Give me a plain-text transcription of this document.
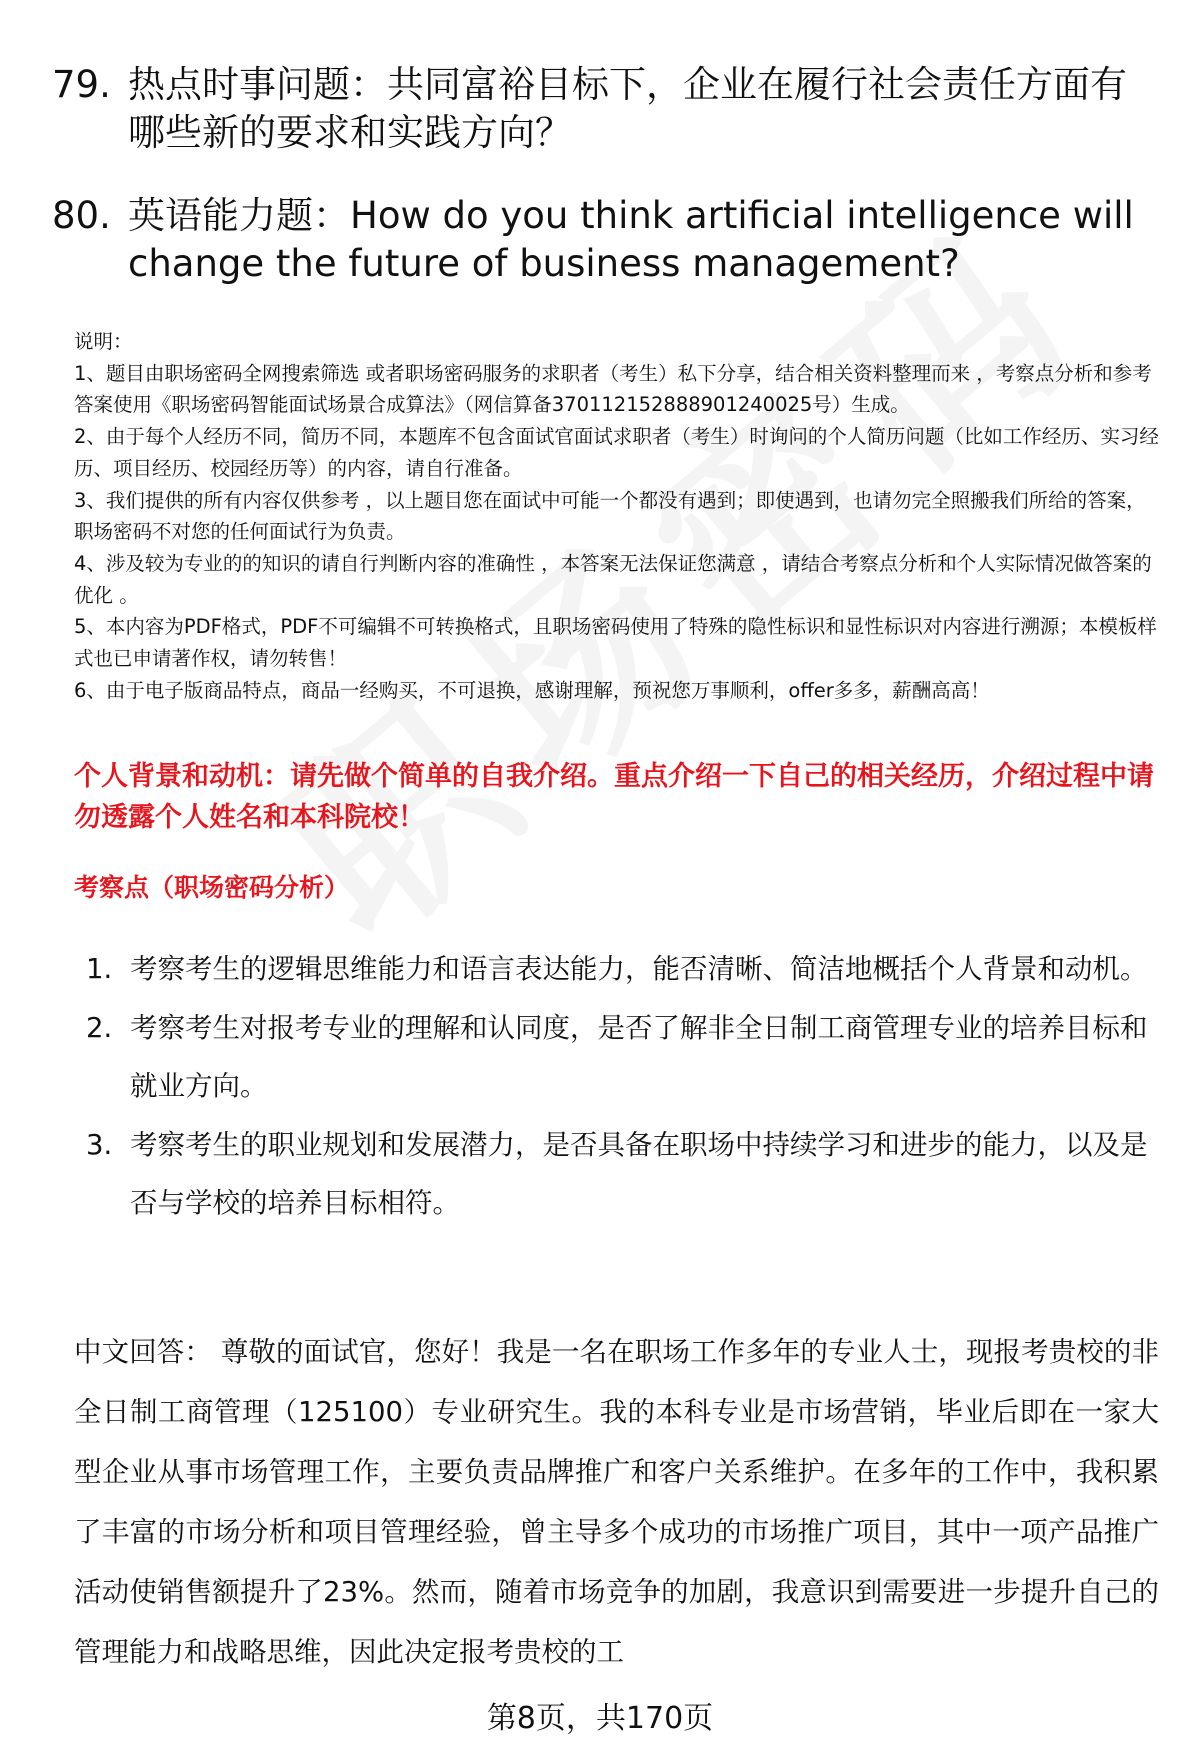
79. 热点时事问题：共同富裕目标下，企业在履行社会责任方面有哪些新的要求和实践方向？
80. 英语能力题：How do you think artificial intelligence will change the future of business management?

说明：

1、题目由职场密码全网搜索筛选 或者职场密码服务的求职者（考生）私下分享，结合相关资料整理而来 ，考察点分析和参考答案使用《职场密码智能面试场景合成算法》（网信算备370112152888901240025号）生成。

2、由于每个人经历不同，简历不同，本题库不包含面试官面试求职者（考生）时询问的个人简历问题（比如工作经历、实习经历、项目经历、校园经历等）的内容，请自行准备。

3、我们提供的所有内容仅供参考 ，以上题目您在面试中可能一个都没有遇到；即使遇到，也请勿完全照搬我们所给的答案，职场密码不对您的任何面试行为负责。

4、涉及较为专业的的知识的请自行判断内容的准确性 ，本答案无法保证您满意 ，请结合考察点分析和个人实际情况做答案的优化 。

5、本内容为PDF格式，PDF不可编辑不可转换格式，且职场密码使用了特殊的隐性标识和显性标识对内容进行溯源；本模板样式也已申请著作权，请勿转售！

6、由于电子版商品特点，商品一经购买，不可退换，感谢理解，预祝您万事顺利，offer多多，薪酬高高！

个人背景和动机：请先做个简单的自我介绍。重点介绍一下自己的相关经历，介绍过程中请勿透露个人姓名和本科院校！
考察点（职场密码分析）

1. 考察考生的逻辑思维能力和语言表达能力，能否清晰、简洁地概括个人背景和动机。

2. 考察考生对报考专业的理解和认同度，是否了解非全日制工商管理专业的培养目标和就业方向。

3. 考察考生的职业规划和发展潜力，是否具备在职场中持续学习和进步的能力，以及是否与学校的培养目标相符。

中文回答： 尊敬的面试官，您好！我是一名在职场工作多年的专业人士，现报考贵校的非全日制工商管理（125100）专业研究生。我的本科专业是市场营销，毕业后即在一家大型企业从事市场管理工作，主要负责品牌推广和客户关系维护。在多年的工作中，我积累了丰富的市场分析和项目管理经验，曾主导多个成功的市场推广项目，其中一项产品推广活动使销售额提升了23%。然而，随着市场竞争的加剧，我意识到需要进一步提升自己的管理能力和战略思维，因此决定报考贵校的工

第8页，共170页
